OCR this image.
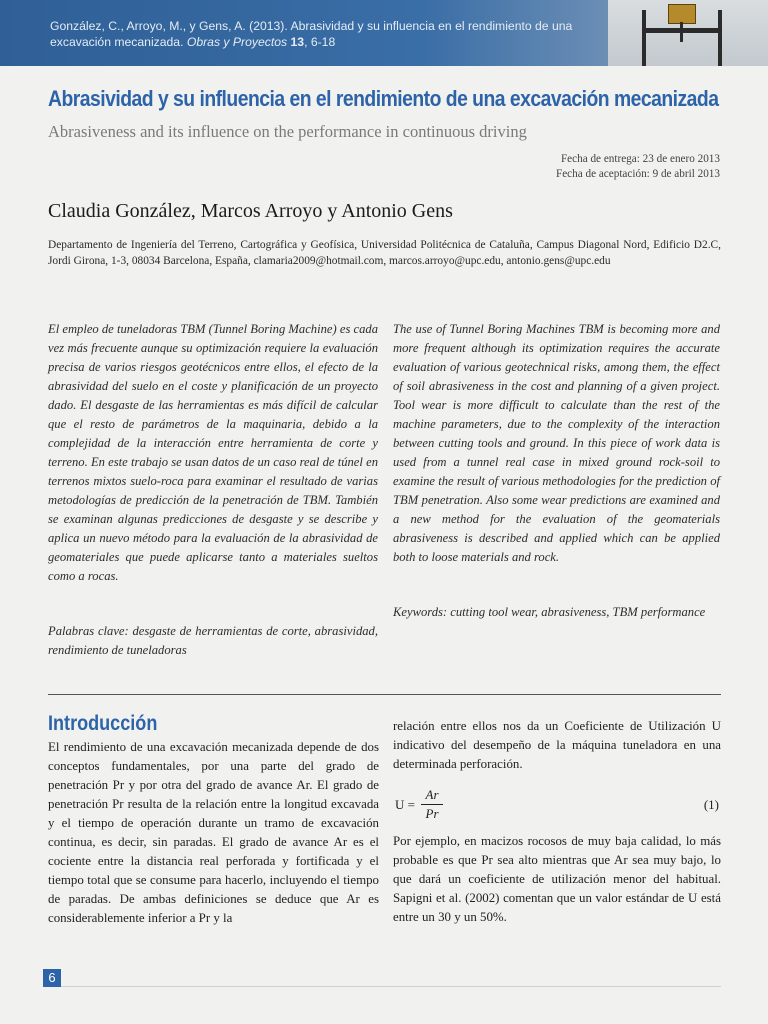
González, C., Arroyo, M., y Gens, A. (2013). Abrasividad y su influencia en el rendimiento de una excavación mecanizada. Obras y Proyectos 13, 6-18
Abrasividad y su influencia en el rendimiento de una excavación mecanizada
Abrasiveness and its influence on the performance in continuous driving
Fecha de entrega: 23 de enero 2013
Fecha de aceptación: 9 de abril 2013
Claudia González, Marcos Arroyo y Antonio Gens
Departamento de Ingeniería del Terreno, Cartográfica y Geofísica, Universidad Politécnica de Cataluña, Campus Diagonal Nord, Edificio D2.C, Jordi Girona, 1-3, 08034 Barcelona, España, clamaria2009@hotmail.com, marcos.arroyo@upc.edu, antonio.gens@upc.edu
El empleo de tuneladoras TBM (Tunnel Boring Machine) es cada vez más frecuente aunque su optimización requiere la evaluación precisa de varios riesgos geotécnicos entre ellos, el efecto de la abrasividad del suelo en el coste y planificación de un proyecto dado. El desgaste de las herramientas es más difícil de calcular que el resto de parámetros de la maquinaria, debido a la complejidad de la interacción entre herramienta de corte y terreno. En este trabajo se usan datos de un caso real de túnel en terrenos mixtos suelo-roca para examinar el resultado de varias metodologías de predicción de la penetración de TBM. También se examinan algunas predicciones de desgaste y se describe y aplica un nuevo método para la evaluación de la abrasividad de geomateriales que puede aplicarse tanto a materiales sueltos como a rocas.
Palabras clave: desgaste de herramientas de corte, abrasividad, rendimiento de tuneladoras
The use of Tunnel Boring Machines TBM is becoming more and more frequent although its optimization requires the accurate evaluation of various geotechnical risks, among them, the effect of soil abrasiveness in the cost and planning of a given project. Tool wear is more difficult to calculate than the rest of the machine parameters, due to the complexity of the interaction between cutting tools and ground. In this piece of work data is used from a tunnel real case in mixed ground rock-soil to examine the result of various methodologies for the prediction of TBM penetration. Also some wear predictions are examined and a new method for the evaluation of the geomaterials abrasiveness is described and applied which can be applied both to loose materials and rock.
Keywords: cutting tool wear, abrasiveness, TBM performance
Introducción

El rendimiento de una excavación mecanizada depende de dos conceptos fundamentales, por una parte del grado de penetración Pr y por otra del grado de avance Ar. El grado de penetración Pr resulta de la relación entre la longitud excavada y el tiempo de operación durante un tramo de excavación continua, es decir, sin paradas. El grado de avance Ar es el cociente entre la distancia real perforada y fortificada y el tiempo total que se consume para hacerlo, incluyendo el tiempo de paradas. De ambas definiciones se deduce que Ar es considerablemente inferior a Pr y la

relación entre ellos nos da un Coeficiente de Utilización U indicativo del desempeño de la máquina tuneladora en una determinada perforación.

U =
Ar
Pr
(1)

Por ejemplo, en macizos rocosos de muy baja calidad, lo más probable es que Pr sea alto mientras que Ar sea muy bajo, lo que dará un coeficiente de utilización menor del habitual. Sapigni et al. (2002) comentan que un valor estándar de U está entre un 30 y un 50%.

6
